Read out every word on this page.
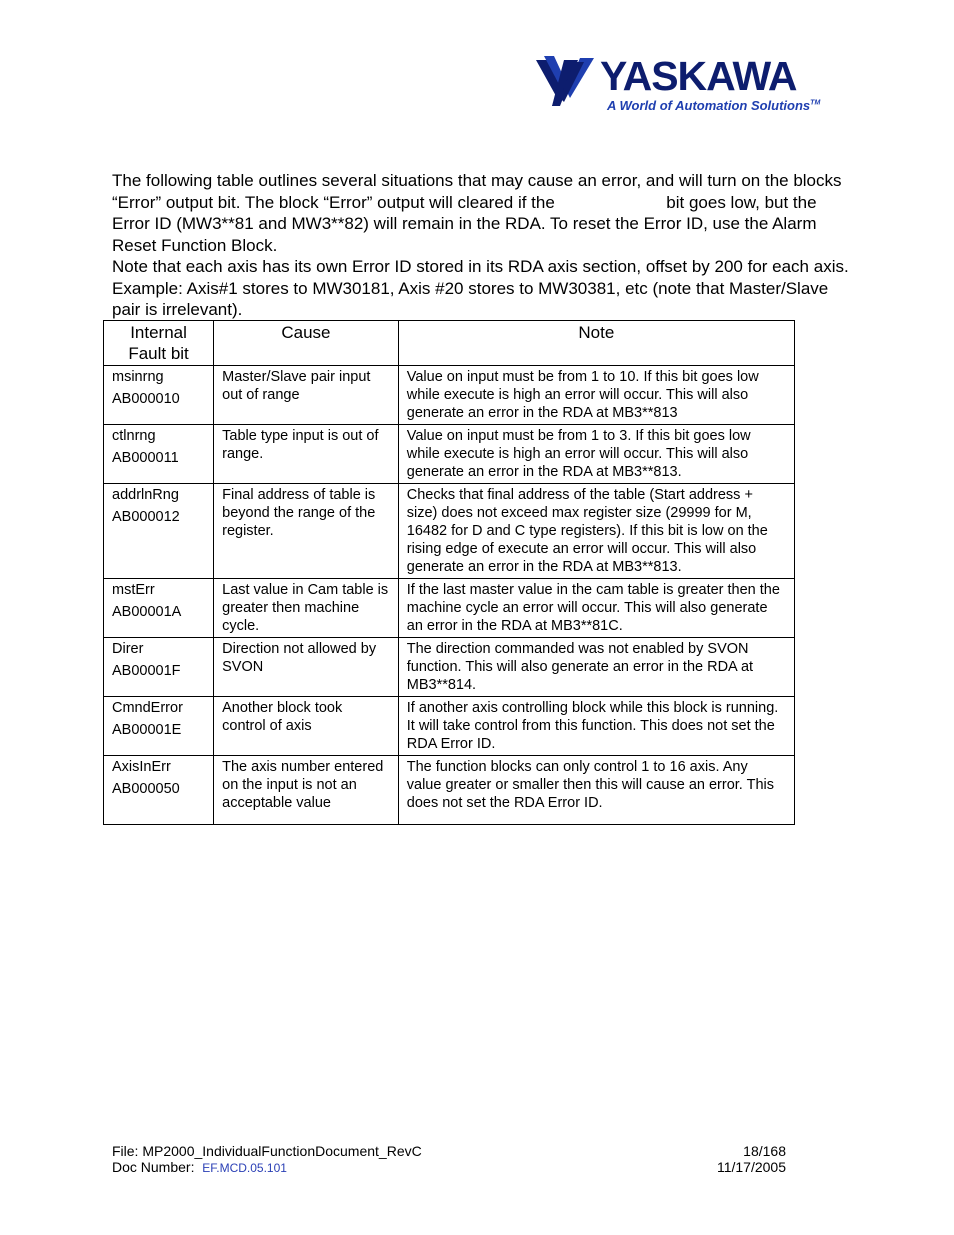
YASKAWA
A World of Automation Solutions™

The following table outlines several situations that may cause an error, and will turn on the blocks “Error” output bit. The block “Error” output will cleared if the	bit goes low, but the Error ID (MW3**81 and MW3**82) will remain in the RDA. To reset the Error ID, use the Alarm Reset Function Block.

Note that each axis has its own Error ID stored in its RDA axis section, offset by 200 for each axis. Example: Axis#1 stores to MW30181, Axis #20 stores to MW30381, etc (note that Master/Slave pair is irrelevant).

Internal Fault bit	Cause	Note

msinrng
AB000010	Master/Slave pair input out of range	Value on input must be from 1 to 10. If this bit goes low while execute is high an error will occur. This will also generate an error in the RDA at MB3**813

ctlnrng
AB000011	Table type input is out of range.	Value on input must be from 1 to 3. If this bit goes low while execute is high an error will occur. This will also generate an error in the RDA at MB3**813.

addrlnRng
AB000012	Final address of table is beyond the range of the register.	Checks that final address of the table (Start address + size) does not exceed max register size (29999 for M, 16482 for D and C type registers). If this bit is low on the rising edge of execute an error will occur. This will also generate an error in the RDA at MB3**813.

mstErr
AB00001A	Last value in Cam table is greater then machine cycle.	If the last master value in the cam table is greater then the machine cycle an error will occur. This will also generate an error in the RDA at MB3**81C.

Direr
AB00001F	Direction not allowed by SVON	The direction commanded was not enabled by SVON function. This will also generate an error in the RDA at MB3**814.

CmndError
AB00001E	Another block took control of axis	If another axis controlling block while this block is running. It will take control from this function. This does not set the RDA Error ID.

AxisInErr
AB000050	The axis number entered on the input is not an acceptable value	The function blocks can only control 1 to 16 axis. Any value greater or smaller then this will cause an error. This does not set the RDA Error ID.
File: MP2000_IndividualFunctionDocument_RevC	18/168
Doc Number: EF.MCD.05.101	11/17/2005
